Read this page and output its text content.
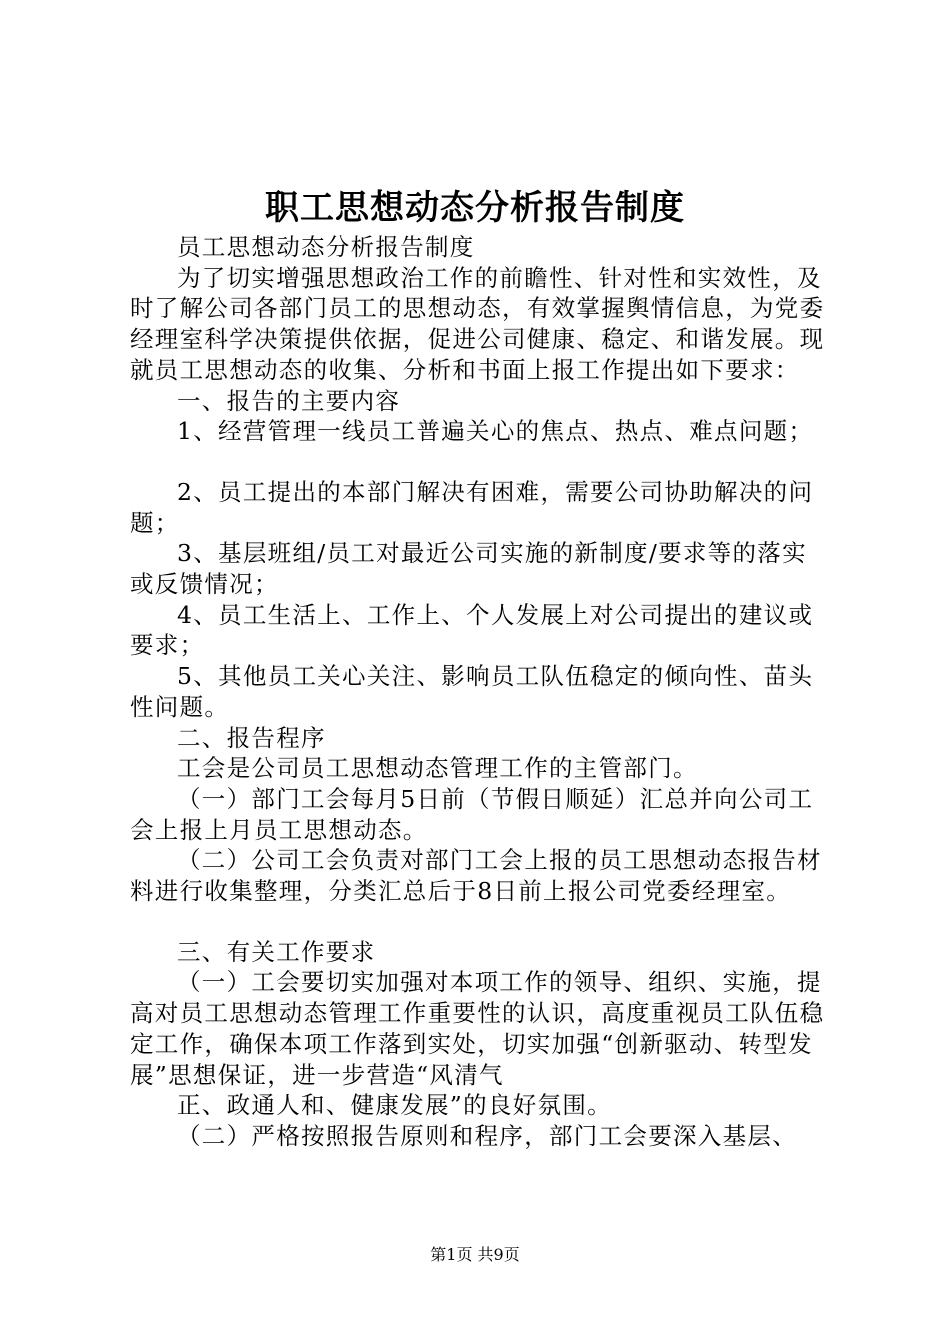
职工思想动态分析报告制度

员工思想动态分析报告制度

为了切实增强思想政治工作的前瞻性、针对性和实效性，及时了解公司各部门员工的思想动态，有效掌握舆情信息，为党委经理室科学决策提供依据，促进公司健康、稳定、和谐发展。现就员工思想动态的收集、分析和书面上报工作提出如下要求：

一、报告的主要内容

1、经营管理一线员工普遍关心的焦点、热点、难点问题；

2、员工提出的本部门解决有困难，需要公司协助解决的问题；

3、基层班组/员工对最近公司实施的新制度/要求等的落实或反馈情况；

4、员工生活上、工作上、个人发展上对公司提出的建议或要求；

5、其他员工关心关注、影响员工队伍稳定的倾向性、苗头性问题。

二、报告程序

工会是公司员工思想动态管理工作的主管部门。

（一）部门工会每月5日前（节假日顺延）汇总并向公司工会上报上月员工思想动态。

（二）公司工会负责对部门工会上报的员工思想动态报告材料进行收集整理，分类汇总后于8日前上报公司党委经理室。

三、有关工作要求

（一）工会要切实加强对本项工作的领导、组织、实施，提高对员工思想动态管理工作重要性的认识，高度重视员工队伍稳定工作，确保本项工作落到实处，切实加强“创新驱动、转型发展”思想保证，进一步营造“风清气

正、政通人和、健康发展”的良好氛围。

（二）严格按照报告原则和程序，部门工会要深入基层、

第1页 共9页
